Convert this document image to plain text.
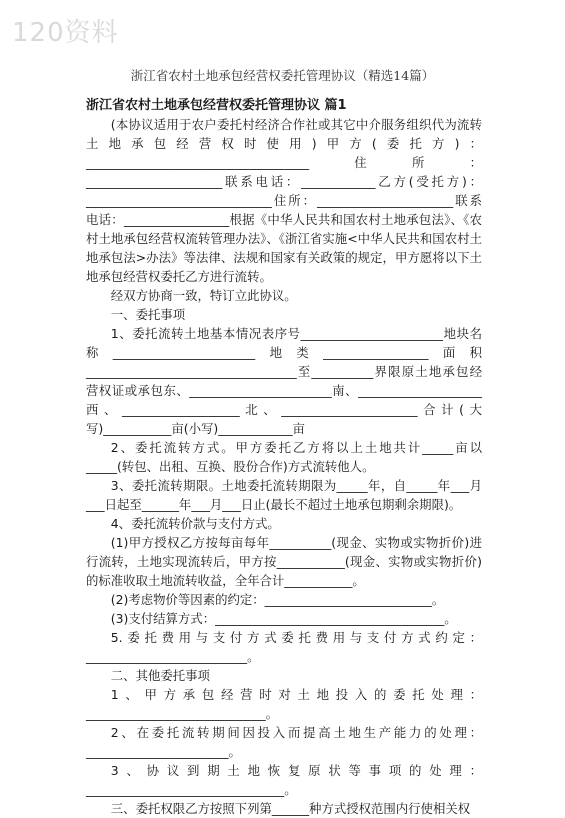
120资料
浙江省农村土地承包经营权委托管理协议（精选14篇）

浙江省农村土地承包经营权委托管理协议 篇1

(本协议适用于农户委托村经济合作社或其它中介服务组织代为流转土地承包经营权时使用)甲方(委托方)：____________________________________住所：______________________联系电话：____________乙方(受托方)：______________________________住所：______________________联系电话：_________________根据《中华人民共和国农村土地承包法》、《农村土地承包经营权流转管理办法》、《浙江省实施<中华人民共和国农村土地承包法>办法》等法律、法规和国家有关政策的规定，甲方愿将以下土地承包经营权委托乙方进行流转。

经双方协商一致，特订立此协议。

一、委托事项

1、委托流转土地基本情况表序号_______________________地块名称_______________________地类_________________面积__________________________________至__________界限原土地承包经营权证或承包东、_______________________南、____________________西、___________________北、______________________合计(大写)___________亩(小写)____________亩

2、委托流转方式。甲方委托乙方将以上土地共计_____亩以_____(转包、出租、互换、股份合作)方式流转他人。

3、委托流转期限。土地委托流转期限为_____年，自_____年___月___日起至______年___月___日止(最长不超过土地承包期剩余期限)。

4、委托流转价款与支付方式。

(1)甲方授权乙方按每亩每年__________(现金、实物或实物折价)进行流转，土地实现流转后，甲方按___________(现金、实物或实物折价)的标准收取土地流转收益，全年合计___________。

(2)考虑物价等因素的约定：___________________________。

(3)支付结算方式：_____________________________________。

5.委托费用与支付方式委托费用与支付方式约定：__________________________。

二、其他委托事项

1、甲方承包经营时对土地投入的委托处理：_____________________________。

2、在委托流转期间因投入而提高土地生产能力的处理：_______________________。

3、协议到期土地恢复原状等事项的处理：________________________________。

三、委托权限乙方按照下列第______种方式授权范围内行使相关权
